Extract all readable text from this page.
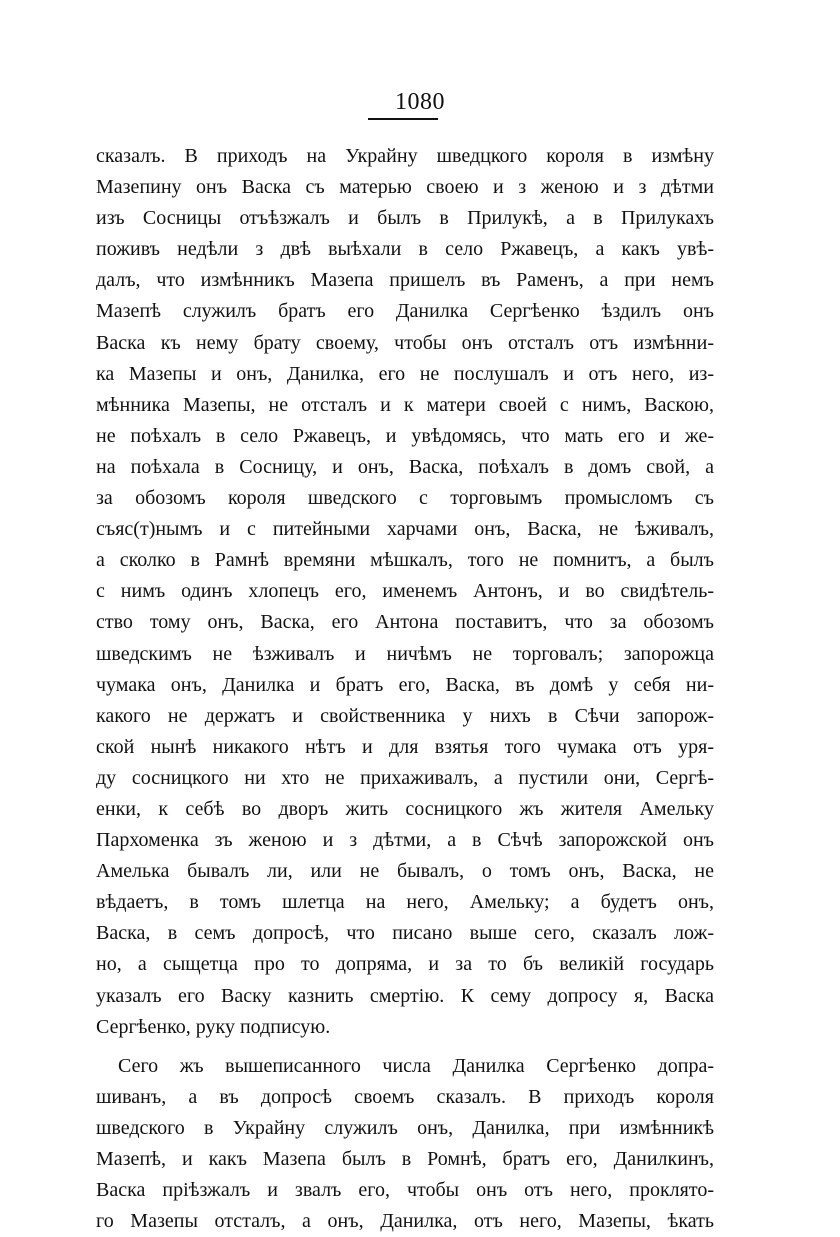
1080
сказалъ. В приходъ на Украйну шведцкого короля в измѣну
Мазепину онъ Васка съ матерью своею и з женою и з дѣтми
изъ Сосницы отъѣзжалъ и былъ в Прилукѣ, а в Прилукахъ
поживъ недѣли з двѣ выѣхали в село Ржавецъ, а какъ увѣ-
далъ, что измѣнникъ Мазепа пришелъ въ Раменъ, а при немъ
Мазепѣ служилъ братъ его Данилка Сергѣенко ѣздилъ онъ
Васка къ нему брату своему, чтобы онъ отсталъ отъ измѣнни-
ка Мазепы и онъ, Данилка, его не послушалъ и отъ него, из-
мѣнника Мазепы, не отсталъ и к матери своей с нимъ, Васкою,
не поѣхалъ в село Ржавецъ, и увѣдомясь, что мать его и же-
на поѣхала в Сосницу, и онъ, Васка, поѣхалъ в домъ свой, а
за обозомъ короля шведского с торговымъ промысломъ съ
съяс(т)нымъ и с питейными харчами онъ, Васка, не ѣживалъ,
а сколко в Рамнѣ времяни мѣшкалъ, того не помнитъ, а былъ
с нимъ одинъ хлопецъ его, именемъ Антонъ, и во свидѣтель-
ство тому онъ, Васка, его Антона поставитъ, что за обозомъ
шведскимъ не ѣзживалъ и ничѣмъ не торговалъ; запорожца
чумака онъ, Данилка и братъ его, Васка, въ домѣ у себя ни-
какого не держатъ и свойственника у нихъ в Сѣчи запорож-
ской нынѣ никакого нѣтъ и для взятья того чумака отъ уря-
ду сосницкого ни хто не прихаживалъ, а пустили они, Сергѣ-
енки, к себѣ во дворъ жить сосницкого жъ жителя Амельку
Пархоменка зъ женою и з дѣтми, а в Сѣчѣ запорожской онъ
Амелька бывалъ ли, или не бывалъ, о томъ онъ, Васка, не
вѣдаетъ, в томъ шлетца на него, Амельку; а будетъ онъ,
Васка, в семъ допросѣ, что писано выше сего, сказалъ лож-
но, а сыщетца про то допряма, и за то бъ великiй государь
указалъ его Васку казнить смертiю. К сему допросу я, Васка
Сергѣенко, руку подписую.
Сего жъ вышеписанного числа Данилка Сергѣенко допра-
шиванъ, а въ допросѣ своемъ сказалъ. В приходъ короля
шведского в Украйну служилъ онъ, Данилка, при измѣнникѣ
Мазепѣ, и какъ Мазепа былъ в Ромнѣ, братъ его, Данилкинъ,
Васка прiѣзжалъ и звалъ его, чтобы онъ отъ него, проклято-
го Мазепы отсталъ, а онъ, Данилка, отъ него, Мазепы, ѣкать
